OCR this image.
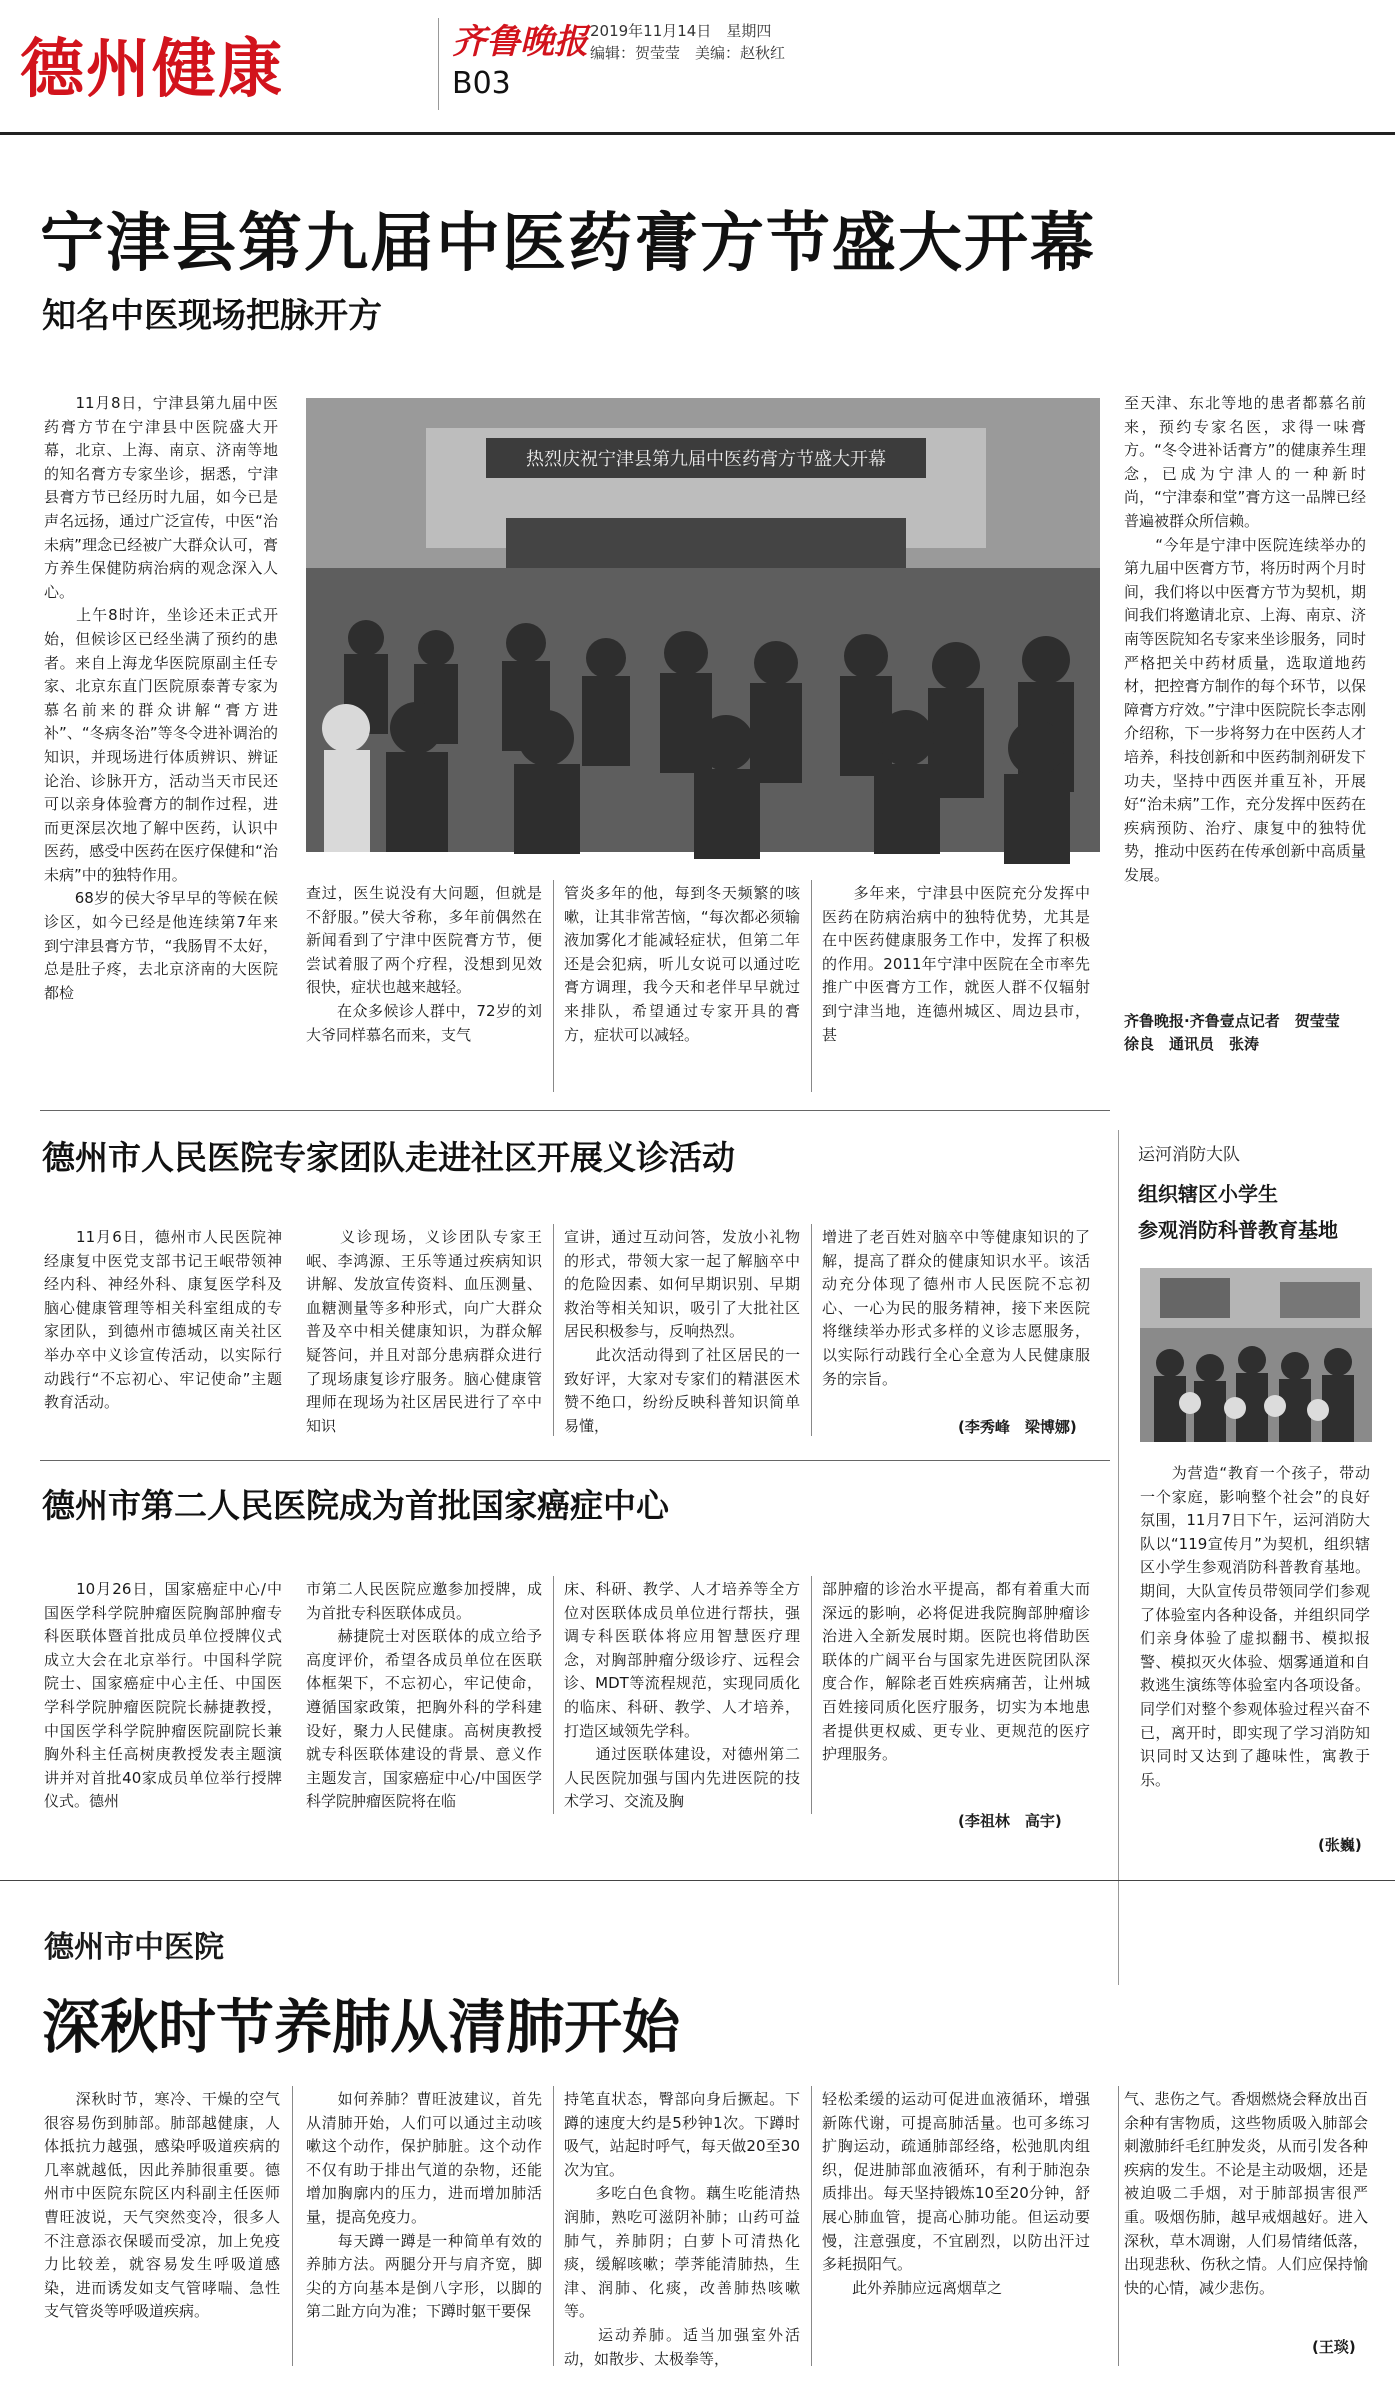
德州健康	齐鲁晚报
B03
2019年11月14日　星期四
编辑：贺莹莹　美编：赵秋红
宁津县第九届中医药膏方节盛大开幕
知名中医现场把脉开方
　　11月8日，宁津县第九届中医药膏方节在宁津县中医院盛大开幕，北京、上海、南京、济南等地的知名膏方专家坐诊，据悉，宁津县膏方节已经历时九届，如今已是声名远扬，通过广泛宣传，中医“治未病”理念已经被广大群众认可，膏方养生保健防病治病的观念深入人心。
　　上午8时许，坐诊还未正式开始，但候诊区已经坐满了预约的患者。来自上海龙华医院原副主任专家、北京东直门医院原泰菁专家为慕名前来的群众讲解“膏方进补”、“冬病冬治”等冬令进补调治的知识，并现场进行体质辨识、辨证论治、诊脉开方，活动当天市民还可以亲身体验膏方的制作过程，进而更深层次地了解中医药，认识中医药，感受中医药在医疗保健和“治未病”中的独特作用。
　　68岁的侯大爷早早的等候在候诊区，如今已经是他连续第7年来到宁津县膏方节，“我肠胃不太好，总是肚子疼，去北京济南的大医院都检
热烈庆祝宁津县第九届中医药膏方节盛大开幕
查过，医生说没有大问题，但就是不舒服。”侯大爷称，多年前偶然在新闻看到了宁津中医院膏方节，便尝试着服了两个疗程，没想到见效很快，症状也越来越轻。
　　在众多候诊人群中，72岁的刘大爷同样慕名而来，支气
管炎多年的他，每到冬天频繁的咳嗽，让其非常苦恼，“每次都必须输液加雾化才能减轻症状，但第二年还是会犯病，听儿女说可以通过吃膏方调理，我今天和老伴早早就过来排队，希望通过专家开具的膏方，症状可以减轻。
　　多年来，宁津县中医院充分发挥中医药在防病治病中的独特优势，尤其是在中医药健康服务工作中，发挥了积极的作用。2011年宁津中医院在全市率先推广中医膏方工作，就医人群不仅辐射到宁津当地，连德州城区、周边县市，甚
至天津、东北等地的患者都慕名前来，预约专家名医，求得一味膏方。“冬令进补话膏方”的健康养生理念，已成为宁津人的一种新时尚，“宁津泰和堂”膏方这一品牌已经普遍被群众所信赖。
　　“今年是宁津中医院连续举办的第九届中医膏方节，将历时两个月时间，我们将以中医膏方节为契机，期间我们将邀请北京、上海、南京、济南等医院知名专家来坐诊服务，同时严格把关中药材质量，选取道地药材，把控膏方制作的每个环节，以保障膏方疗效。”宁津中医院院长李志刚介绍称，下一步将努力在中医药人才培养，科技创新和中医药制剂研发下功夫，坚持中西医并重互补，开展好“治未病”工作，充分发挥中医药在疾病预防、治疗、康复中的独特优势，推动中医药在传承创新中高质量发展。
齐鲁晚报·齐鲁壹点记者　贺莹莹　徐良　通讯员　张涛
德州市人民医院专家团队走进社区开展义诊活动
　　11月6日，德州市人民医院神经康复中医党支部书记王岷带领神经内科、神经外科、康复医学科及脑心健康管理等相关科室组成的专家团队，到德州市德城区南关社区举办卒中义诊宣传活动，以实际行动践行“不忘初心、牢记使命”主题教育活动。
　　义诊现场，义诊团队专家王岷、李鸿源、王乐等通过疾病知识讲解、发放宣传资料、血压测量、血糖测量等多种形式，向广大群众普及卒中相关健康知识，为群众解疑答问，并且对部分患病群众进行了现场康复诊疗服务。脑心健康管理师在现场为社区居民进行了卒中知识
宣讲，通过互动问答，发放小礼物的形式，带领大家一起了解脑卒中的危险因素、如何早期识别、早期救治等相关知识，吸引了大批社区居民积极参与，反响热烈。
　　此次活动得到了社区居民的一致好评，大家对专家们的精湛医术赞不绝口，纷纷反映科普知识简单易懂，
增进了老百姓对脑卒中等健康知识的了解，提高了群众的健康知识水平。该活动充分体现了德州市人民医院不忘初心、一心为民的服务精神，接下来医院将继续举办形式多样的义诊志愿服务，以实际行动践行全心全意为人民健康服务的宗旨。
(李秀峰　梁博娜)
运河消防大队
组织辖区小学生
参观消防科普教育基地
　　为营造“教育一个孩子，带动一个家庭，影响整个社会”的良好氛围，11月7日下午，运河消防大队以“119宣传月”为契机，组织辖区小学生参观消防科普教育基地。期间，大队宣传员带领同学们参观了体验室内各种设备，并组织同学们亲身体验了虚拟翻书、模拟报警、模拟灭火体验、烟雾通道和自救逃生演练等体验室内各项设备。同学们对整个参观体验过程兴奋不已，离开时，即实现了学习消防知识同时又达到了趣味性，寓教于乐。
(张巍)
德州市第二人民医院成为首批国家癌症中心
　　10月26日，国家癌症中心/中国医学科学院肿瘤医院胸部肿瘤专科医联体暨首批成员单位授牌仪式成立大会在北京举行。中国科学院院士、国家癌症中心主任、中国医学科学院肿瘤医院院长赫捷教授，中国医学科学院肿瘤医院副院长兼胸外科主任高树庚教授发表主题演讲并对首批40家成员单位举行授牌仪式。德州
市第二人民医院应邀参加授牌，成为首批专科医联体成员。
　　赫捷院士对医联体的成立给予高度评价，希望各成员单位在医联体框架下，不忘初心，牢记使命，遵循国家政策，把胸外科的学科建设好，聚力人民健康。高树庚教授就专科医联体建设的背景、意义作主题发言，国家癌症中心/中国医学科学院肿瘤医院将在临
床、科研、教学、人才培养等全方位对医联体成员单位进行帮扶，强调专科医联体将应用智慧医疗理念，对胸部肿瘤分级诊疗、远程会诊、MDT等流程规范，实现同质化的临床、科研、教学、人才培养，打造区域领先学科。
　　通过医联体建设，对德州第二人民医院加强与国内先进医院的技术学习、交流及胸
部肿瘤的诊治水平提高，都有着重大而深远的影响，必将促进我院胸部肿瘤诊治进入全新发展时期。医院也将借助医联体的广阔平台与国家先进医院团队深度合作，解除老百姓疾病痛苦，让州城百姓接同质化医疗服务，切实为本地患者提供更权威、更专业、更规范的医疗护理服务。
(李祖林　高宇)
德州市中医院
深秋时节养肺从清肺开始
　　深秋时节，寒冷、干燥的空气很容易伤到肺部。肺部越健康，人体抵抗力越强，感染呼吸道疾病的几率就越低，因此养肺很重要。德州市中医院东院区内科副主任医师曹旺波说，天气突然变冷，很多人不注意添衣保暖而受凉，加上免疫力比较差，就容易发生呼吸道感染，进而诱发如支气管哮喘、急性支气管炎等呼吸道疾病。
　　如何养肺？曹旺波建议，首先从清肺开始，人们可以通过主动咳嗽这个动作，保护肺脏。这个动作不仅有助于排出气道的杂物，还能增加胸廓内的压力，进而增加肺活量，提高免疫力。
　　每天蹲一蹲是一种简单有效的养肺方法。两腿分开与肩齐宽，脚尖的方向基本是倒八字形，以脚的第二趾方向为准；下蹲时躯干要保
持笔直状态，臀部向身后撅起。下蹲的速度大约是5秒钟1次。下蹲时吸气，站起时呼气，每天做20至30次为宜。
　　多吃白色食物。藕生吃能清热润肺，熟吃可滋阴补肺；山药可益肺气，养肺阴；白萝卜可清热化痰，缓解咳嗽；荸荠能清肺热，生津、润肺、化痰，改善肺热咳嗽等。
　　运动养肺。适当加强室外活动，如散步、太极拳等，
轻松柔缓的运动可促进血液循环，增强新陈代谢，可提高肺活量。也可多练习扩胸运动，疏通肺部经络，松弛肌肉组织，促进肺部血液循环，有利于肺泡杂质排出。每天坚持锻炼10至20分钟，舒展心肺血管，提高心肺功能。但运动要慢，注意强度，不宜剧烈，以防出汗过多耗损阳气。
　　此外养肺应远离烟草之
气、悲伤之气。香烟燃烧会释放出百余种有害物质，这些物质吸入肺部会刺激肺纤毛红肿发炎，从而引发各种疾病的发生。不论是主动吸烟，还是被迫吸二手烟，对于肺部损害很严重。吸烟伤肺，越早戒烟越好。进入深秋，草木凋谢，人们易情绪低落，出现悲秋、伤秋之情。人们应保持愉快的心情，减少悲伤。
(王琰)
